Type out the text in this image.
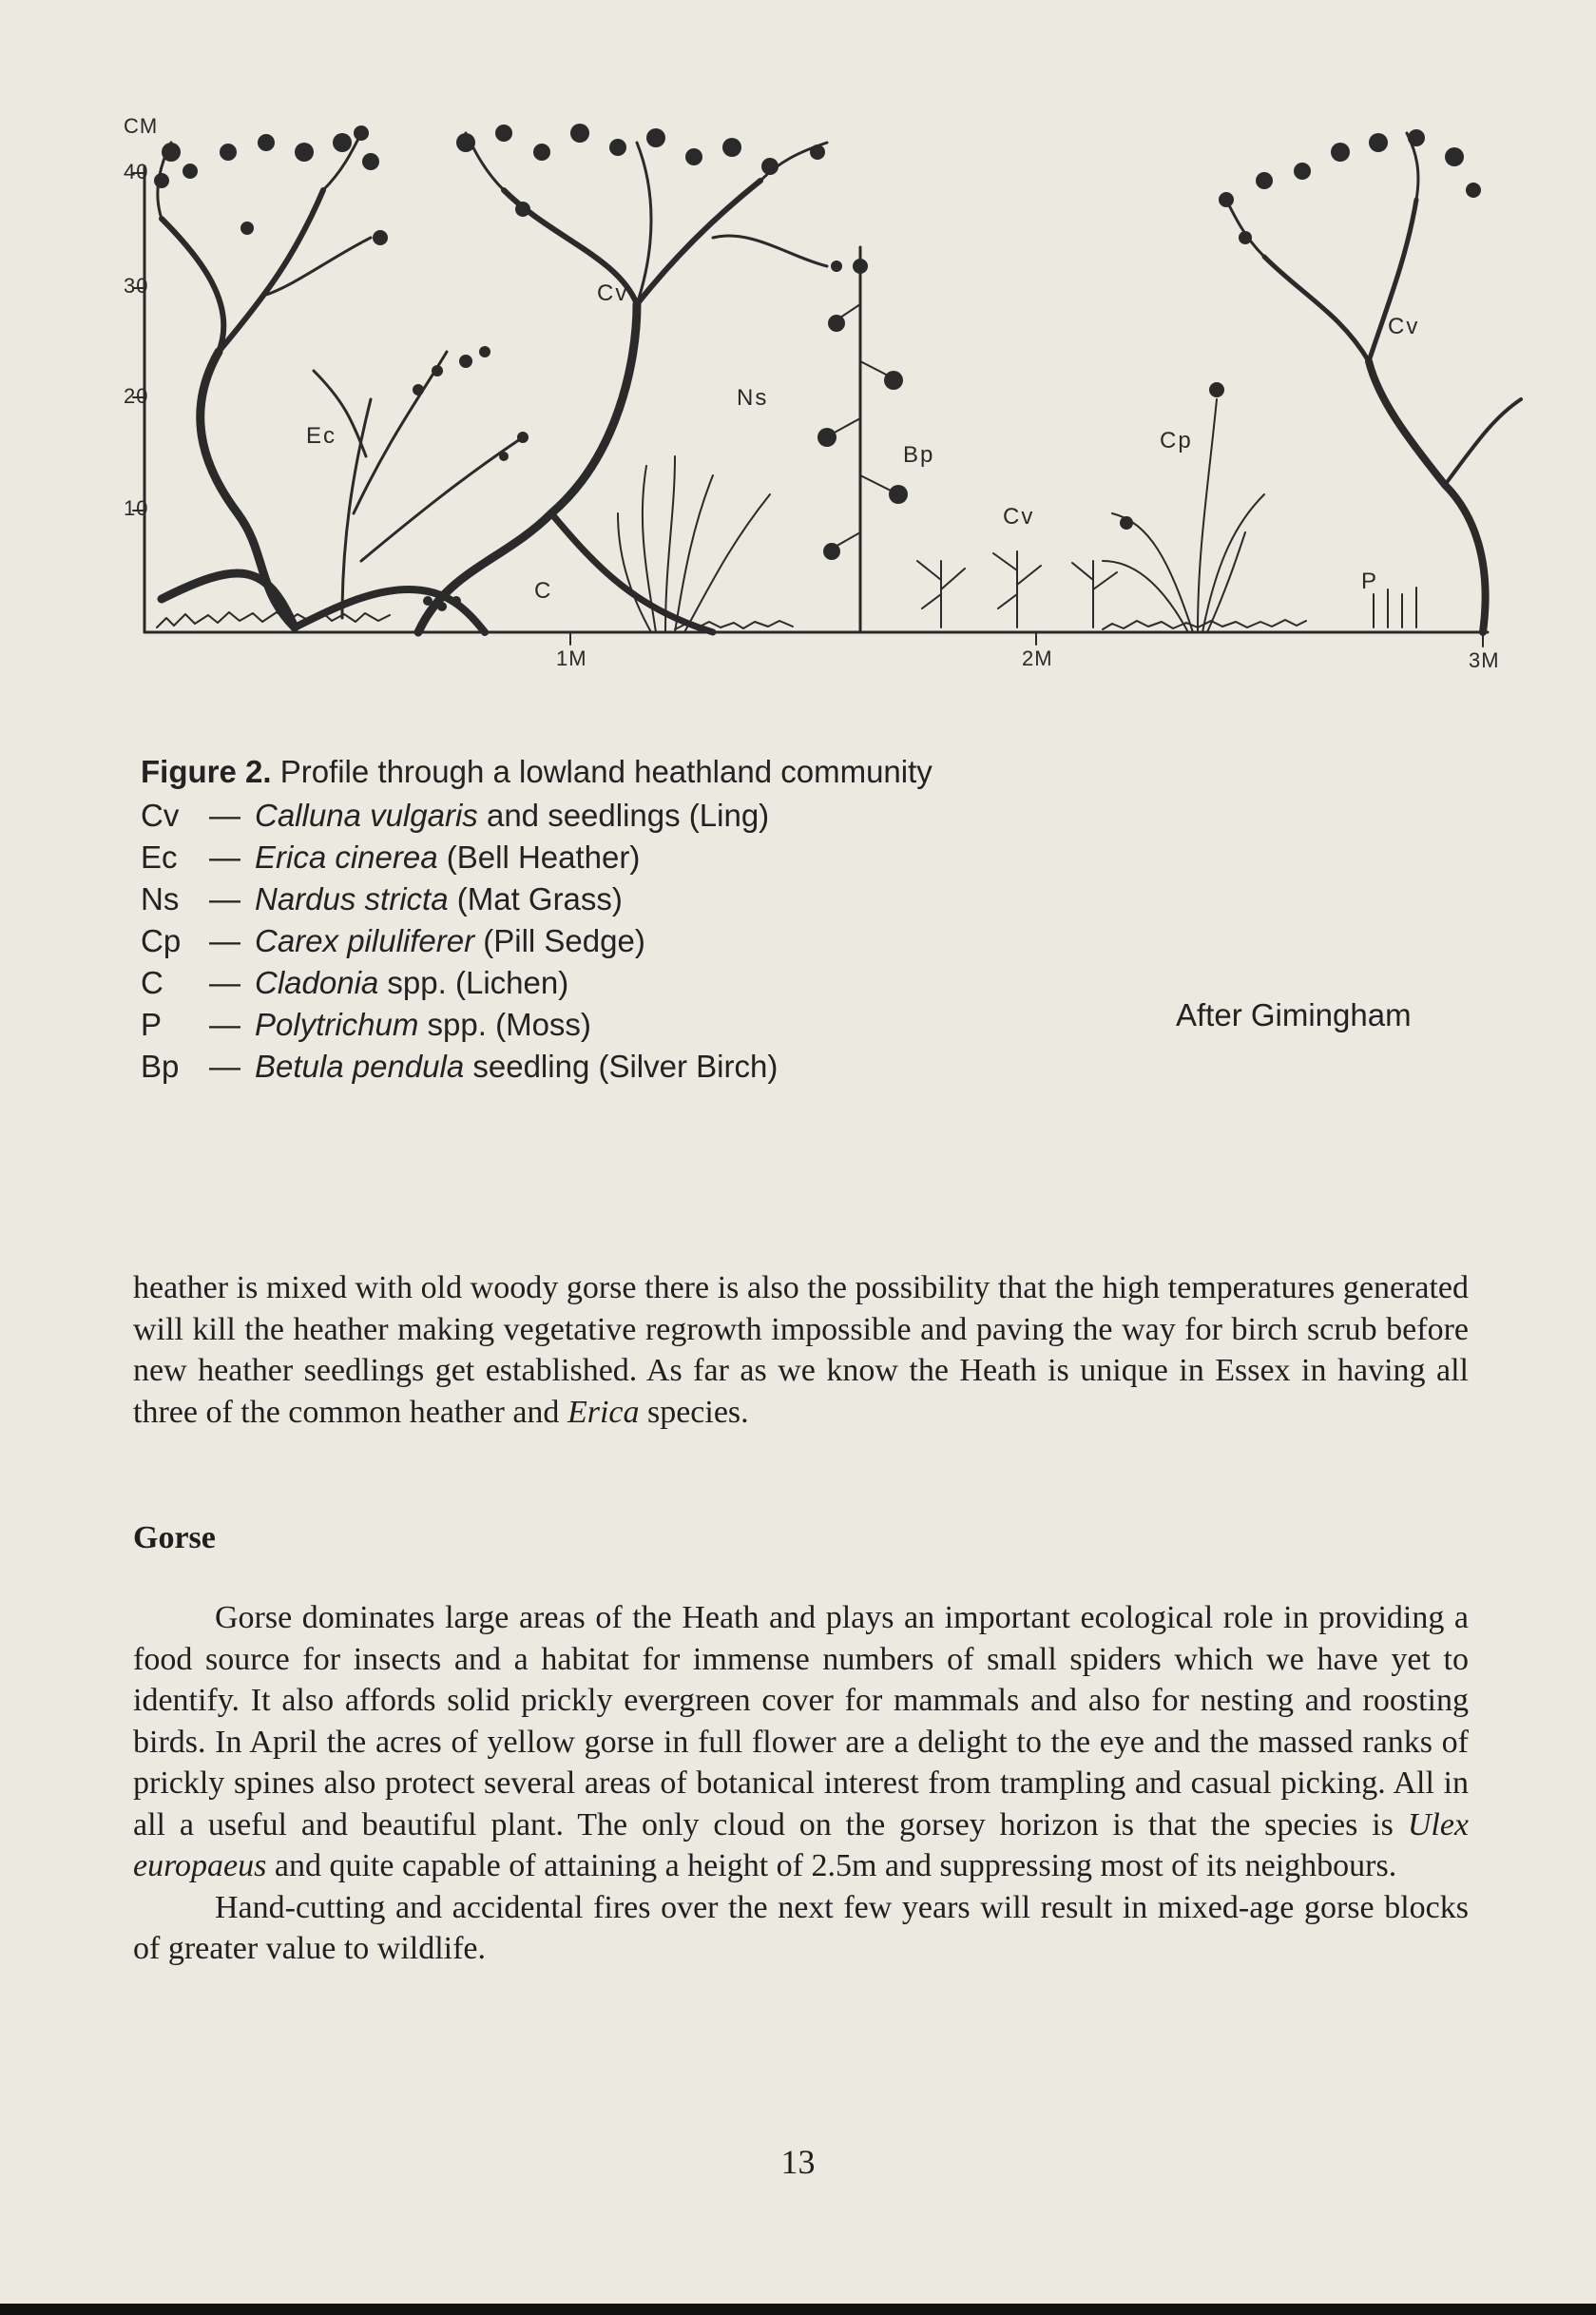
CM
40
30
20
10
1M	2M	3M
Cv
Ec
Ns
Bp
Cv
Cp
Cv
C	P
Figure 2. Profile through a lowland heathland community
Cv — Calluna vulgaris and seedlings (Ling)
Ec	— Erica cinerea (Bell Heather)
Ns — Nardus stricta (Mat Grass)
Cp — Carex piluliferer (Pill Sedge)
C	— Cladonia spp. (Lichen)
P	— Polytrichum spp. (Moss)
Bp — Betula pendula seedling (Silver Birch)
After Gimingham

heather is mixed with old woody gorse there is also the possibility that the high temperatures generated will kill the heather making vegetative regrowth impossible and paving the way for birch scrub before new heather seedlings get established. As far as we know the Heath is unique in Essex in having all three of the common heather and Erica species.

Gorse

Gorse dominates large areas of the Heath and plays an important ecological role in providing a food source for insects and a habitat for immense numbers of small spiders which we have yet to identify. It also affords solid prickly evergreen cover for mammals and also for nesting and roosting birds. In April the acres of yellow gorse in full flower are a delight to the eye and the massed ranks of prickly spines also protect several areas of botanical interest from trampling and casual picking. All in all a useful and beautiful plant. The only cloud on the gorsey horizon is that the species is Ulex europaeus and quite capable of attaining a height of 2.5m and suppressing most of its neighbours.

Hand-cutting and accidental fires over the next few years will result in mixed-age gorse blocks of greater value to wildlife.

13
